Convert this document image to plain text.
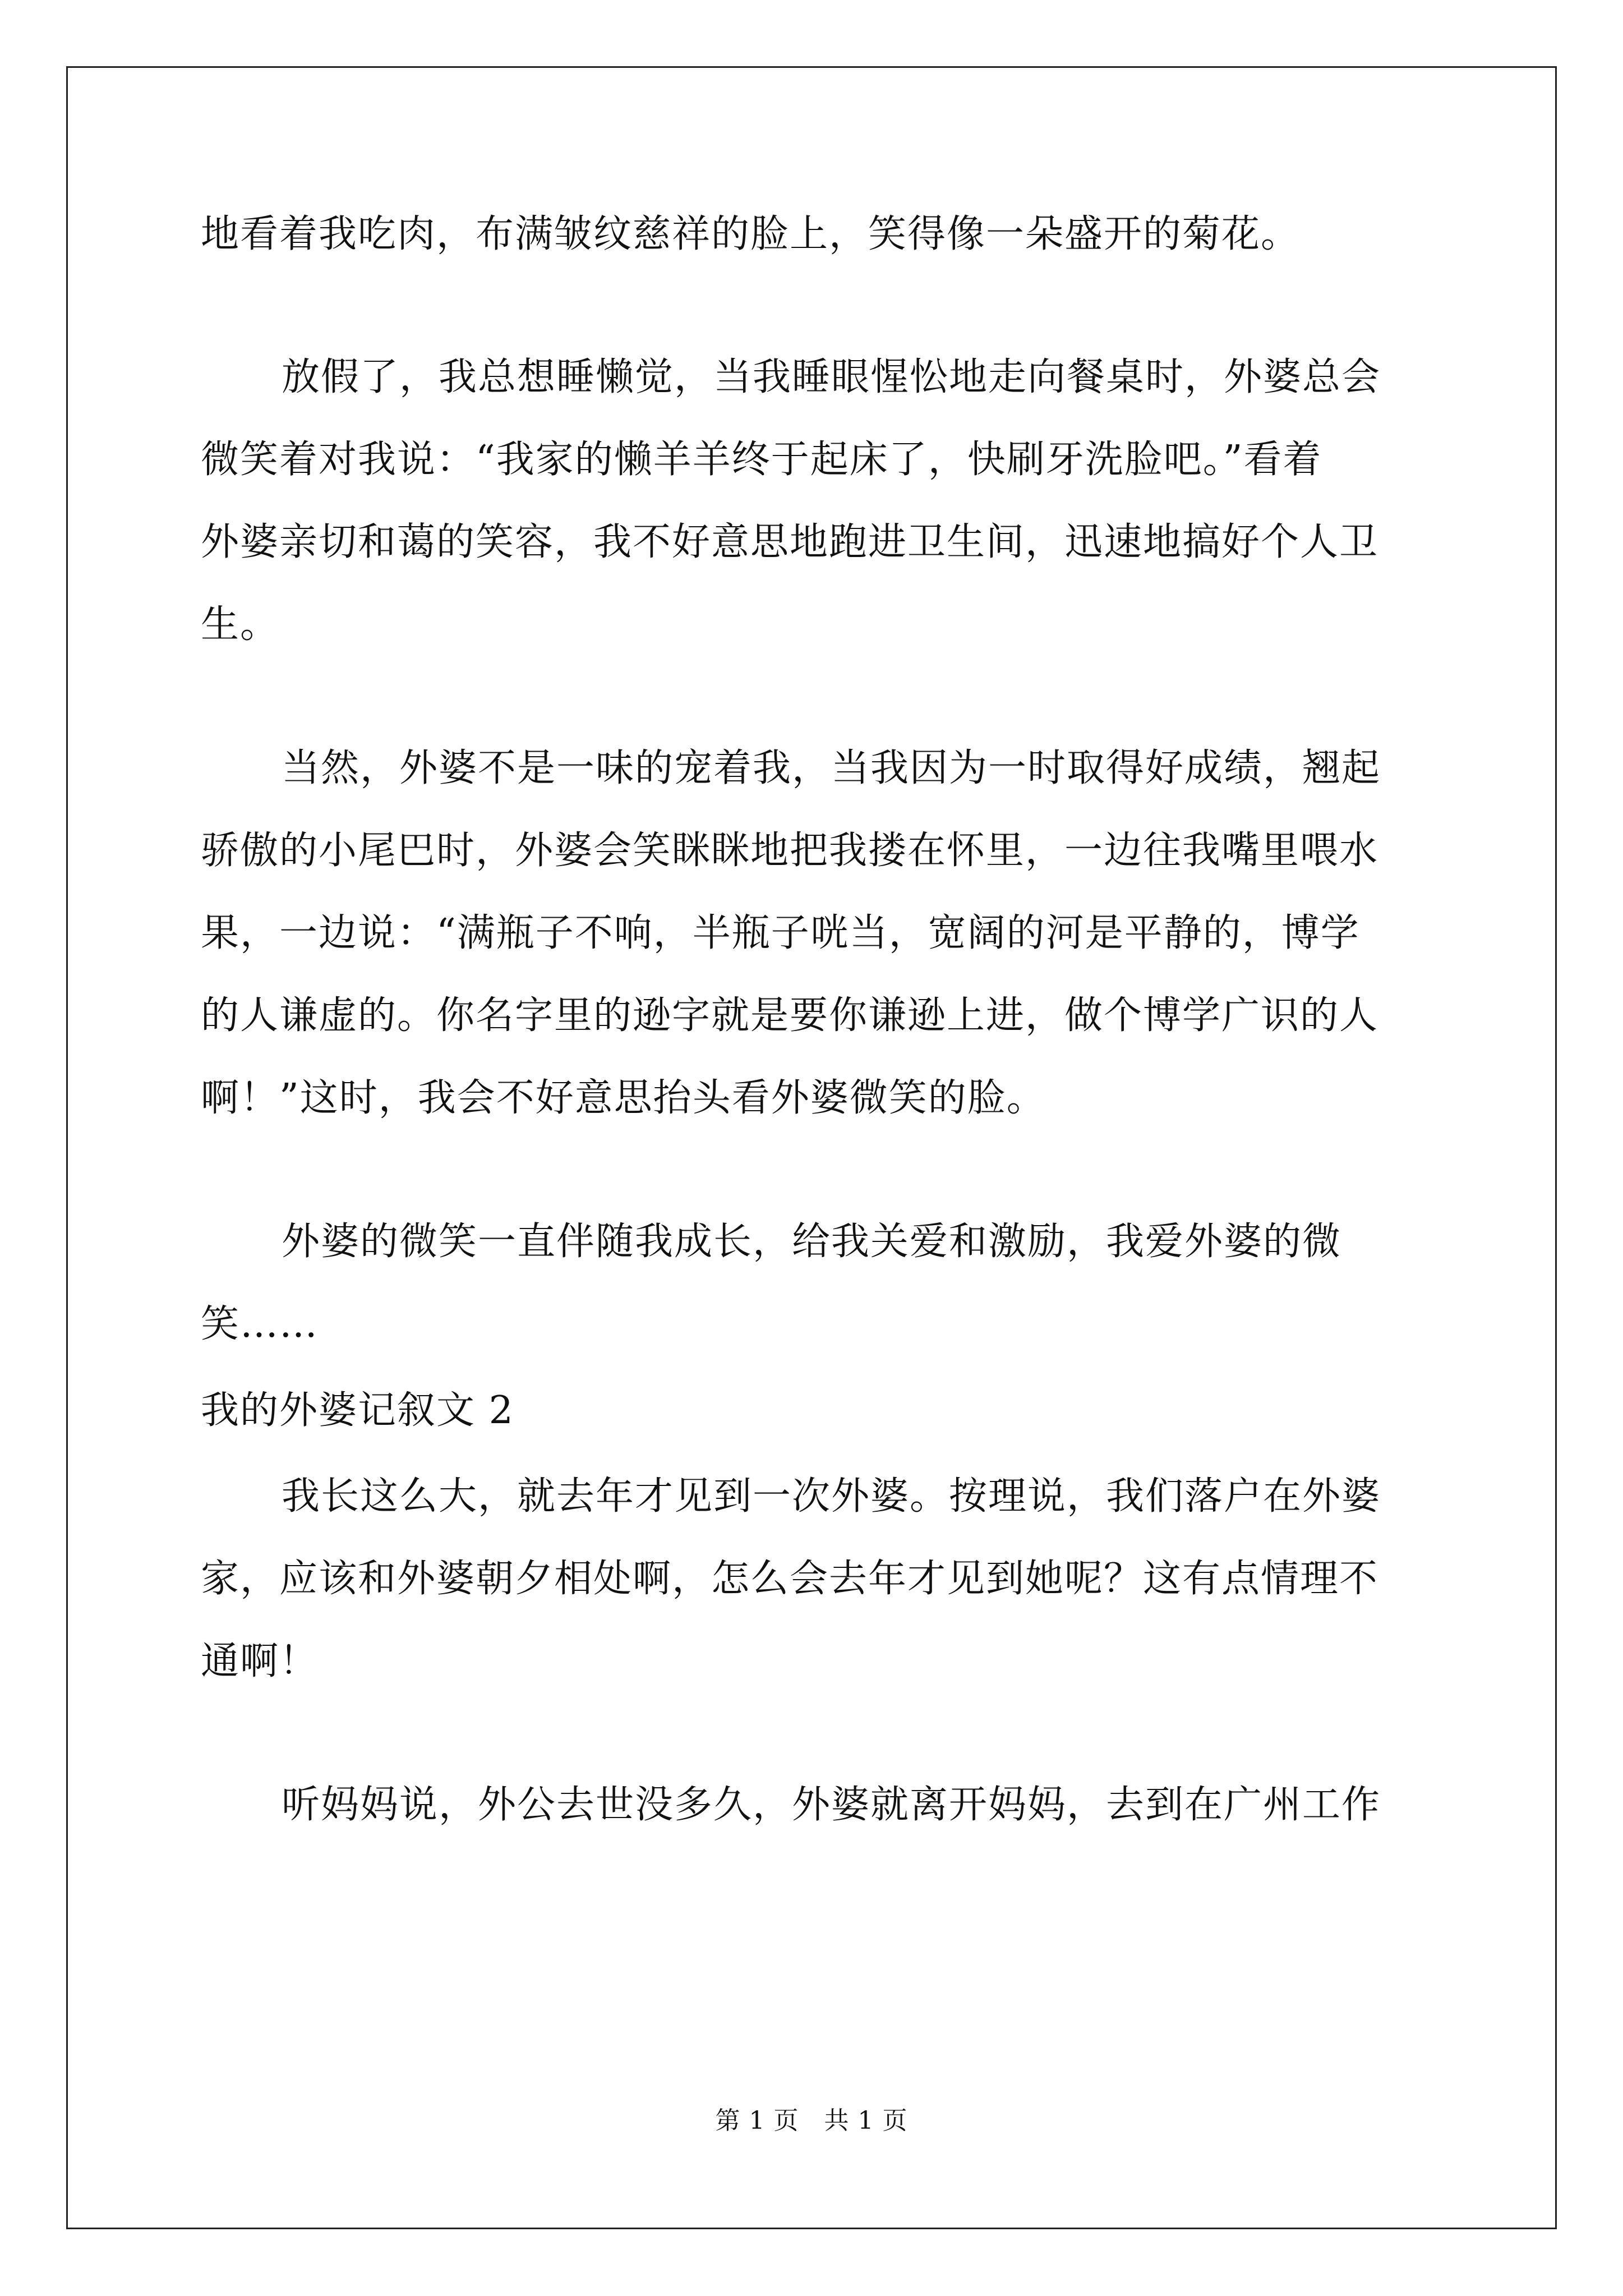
地看着我吃肉，布满皱纹慈祥的脸上，笑得像一朵盛开的菊花。
放假了，我总想睡懒觉，当我睡眼惺忪地走向餐桌时，外婆总会
微笑着对我说：“我家的懒羊羊终于起床了，快刷牙洗脸吧。”看着
外婆亲切和蔼的笑容，我不好意思地跑进卫生间，迅速地搞好个人卫
生。
当然，外婆不是一味的宠着我，当我因为一时取得好成绩，翘起
骄傲的小尾巴时，外婆会笑眯眯地把我搂在怀里，一边往我嘴里喂水
果，一边说：“满瓶子不响，半瓶子咣当，宽阔的河是平静的，博学
的人谦虚的。你名字里的逊字就是要你谦逊上进，做个博学广识的人
啊！”这时，我会不好意思抬头看外婆微笑的脸。
外婆的微笑一直伴随我成长，给我关爱和激励，我爱外婆的微
笑……
我的外婆记叙文 2
我长这么大，就去年才见到一次外婆。按理说，我们落户在外婆
家，应该和外婆朝夕相处啊，怎么会去年才见到她呢？这有点情理不
通啊！
听妈妈说，外公去世没多久，外婆就离开妈妈，去到在广州工作
第 1 页　共 1 页
